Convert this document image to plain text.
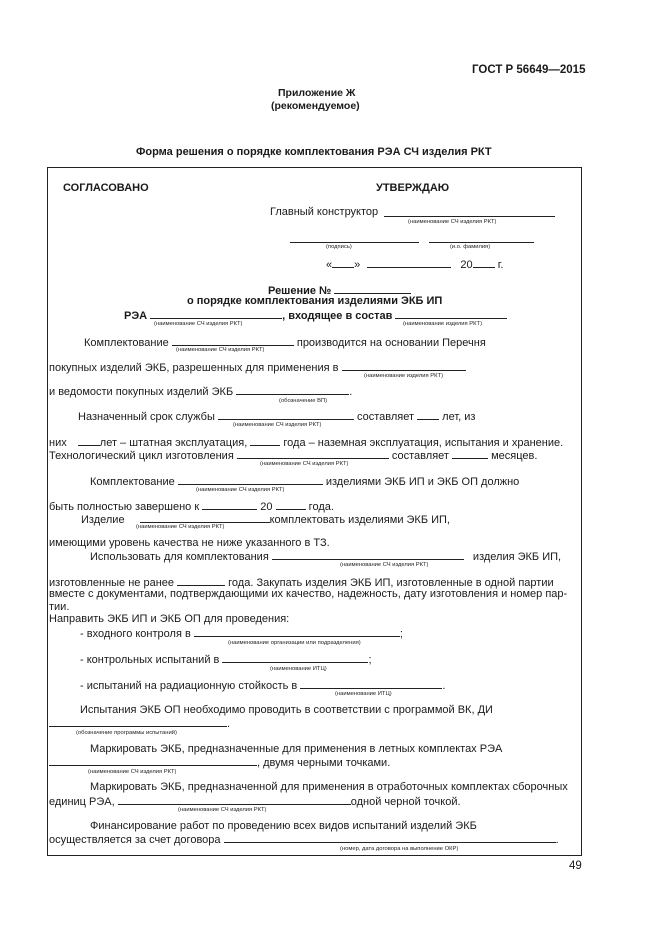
ГОСТ Р 56649—2015
Приложение Ж
(рекомендуемое)
Форма решения о порядке комплектования РЭА СЧ изделия РКТ
СОГЛАСОВАНО	УТВЕРЖДАЮ
Главный конструктор
(наименование СЧ изделия РКТ)
(подпись)	(и.о. фамилия)
« »	20 г.
Решение №
о порядке комплектования изделиями ЭКБ ИП
РЭА	, входящее в состав
(наименование СЧ изделия РКТ)	(наименование изделия РКТ)
Комплектование	производится на основании Перечня
(наименование СЧ изделия РКТ)
покупных изделий ЭКБ, разрешенных для применения в
(наименование изделия РКТ)
и ведомости покупных изделий ЭКБ	.
(обозначение ВП)
Назначенный срок службы	составляет	лет, из
(наименование СЧ изделия РКТ)
них	лет – штатная эксплуатация,	года – наземная эксплуатация, испытания и хранение.
Технологический цикл изготовления	составляет	месяцев.
(наименование СЧ изделия РКТ)
Комплектование	изделиями ЭКБ ИП и ЭКБ ОП должно
(наименование СЧ изделия РКТ)
быть полностью завершено к	20	года.
Изделие	комплектовать изделиями ЭКБ ИП,
(наименование СЧ изделия РКТ)
имеющими уровень качества не ниже указанного в ТЗ.
Использовать для комплектования	изделия ЭКБ ИП,
(наименование СЧ изделия РКТ)
изготовленные не ранее	года. Закупать изделия ЭКБ ИП, изготовленные в одной партии
вместе с документами, подтверждающими их качество, надежность, дату изготовления и номер пар-
тии.
Направить ЭКБ ИП и ЭКБ ОП для проведения:
- входного контроля в	;
(наименование организации или подразделения)
- контрольных испытаний в	;
(наименование ИТЦ)
- испытаний на радиационную стойкость в	.
(наименование ИТЦ)
Испытания ЭКБ ОП необходимо проводить в соответствии с программой ВК, ДИ
.
(обозначение программы испытаний)
Маркировать ЭКБ, предназначенные для применения в летных комплектах РЭА
, двумя черными точками.
(наименование СЧ изделия РКТ)
Маркировать ЭКБ, предназначенной для применения в отработочных комплектах сборочных
единиц РЭА,	одной черной точкой.
(наименование СЧ изделия РКТ)
Финансирование работ по проведению всех видов испытаний изделий ЭКБ
осуществляется за счет договора	.
(номер, дата договора на выполнение ОКР)
49
